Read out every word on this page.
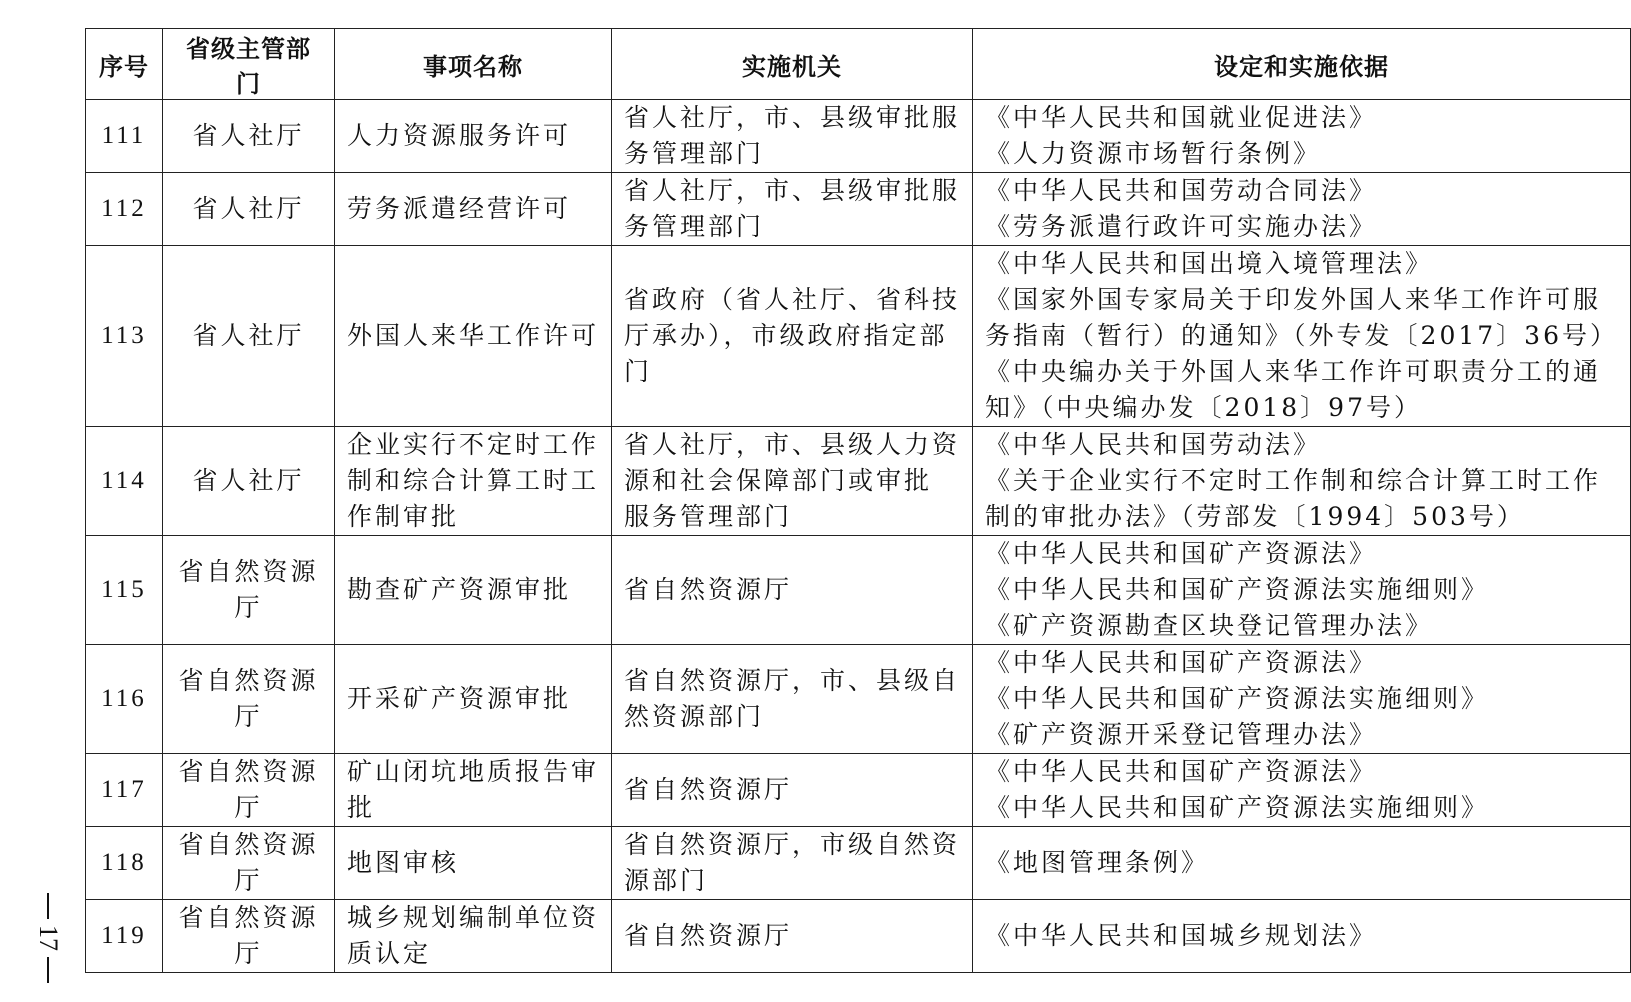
序号	省级主管部门	事项名称	实施机关	设定和实施依据
111	省人社厅	人力资源服务许可	省人社厅，市、县级审批服
务管理部门	《中华人民共和国就业促进法》
《人力资源市场暂行条例》

112	省人社厅	劳务派遣经营许可	省人社厅，市、县级审批服
务管理部门	《中华人民共和国劳动合同法》
《劳务派遣行政许可实施办法》

113	省人社厅	外国人来华工作许可	省政府（省人社厅、省科技
厅承办），市级政府指定部
门	《中华人民共和国出境入境管理法》
《国家外国专家局关于印发外国人来华工作许可服
务指南（暂行）的通知》（外专发〔2017〕36号）
《中央编办关于外国人来华工作许可职责分工的通
知》（中央编办发〔2018〕97号）

114	省人社厅	企业实行不定时工作
制和综合计算工时工
作制审批	省人社厅，市、县级人力资
源和社会保障部门或审批
服务管理部门	《中华人民共和国劳动法》
《关于企业实行不定时工作制和综合计算工时工作
制的审批办法》（劳部发〔1994〕503号）

115	省自然资源厅	勘查矿产资源审批	省自然资源厅	《中华人民共和国矿产资源法》
《中华人民共和国矿产资源法实施细则》
《矿产资源勘查区块登记管理办法》

116	省自然资源厅	开采矿产资源审批	省自然资源厅，市、县级自
然资源部门	《中华人民共和国矿产资源法》
《中华人民共和国矿产资源法实施细则》
《矿产资源开采登记管理办法》

117	省自然资源厅	矿山闭坑地质报告审
批	省自然资源厅	《中华人民共和国矿产资源法》
《中华人民共和国矿产资源法实施细则》

118	省自然资源厅	地图审核	省自然资源厅，市级自然资
源部门	《地图管理条例》

119	省自然资源厅	城乡规划编制单位资
质认定	省自然资源厅	《中华人民共和国城乡规划法》
17
